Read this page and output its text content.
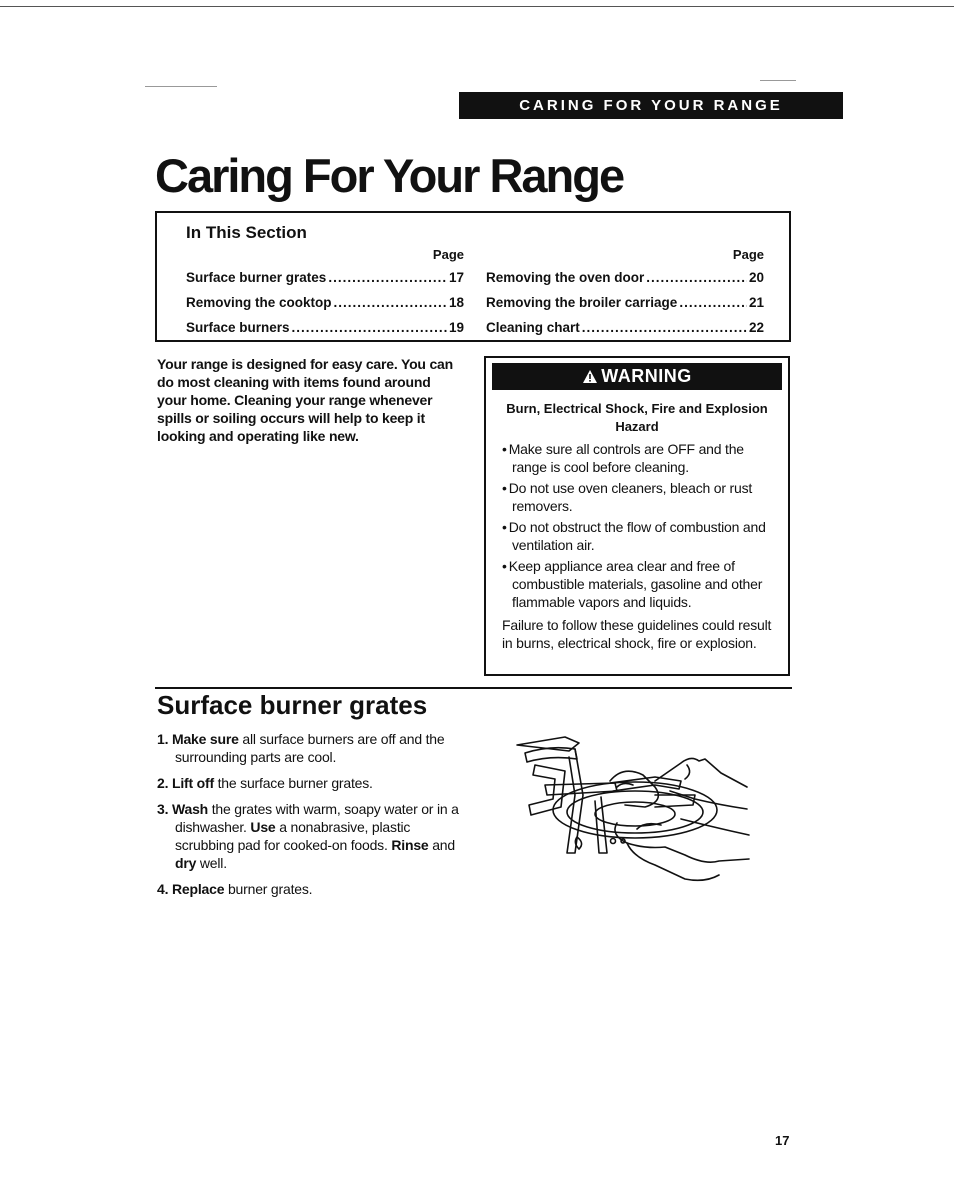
CARING FOR YOUR RANGE
Caring For Your Range
In This Section
Page
Surface burner grates .....	17
Removing the cooktop .....	18
Surface burners .....	19
Page
Removing the oven door .....	20
Removing the broiler carriage .....	21
Cleaning chart .....	22

Your range is designed for easy care. You can do most cleaning with items found around your home. Cleaning your range whenever spills or soiling occurs will help to keep it looking and operating like new.

WARNING
Burn, Electrical Shock, Fire and Explosion Hazard
• Make sure all controls are OFF and the range is cool before cleaning.
• Do not use oven cleaners, bleach or rust removers.
• Do not obstruct the flow of combustion and ventilation air.
• Keep appliance area clear and free of combustible materials, gasoline and other flammable vapors and liquids.

Failure to follow these guidelines could result in burns, electrical shock, fire or explosion.

Surface burner grates
1. Make sure all surface burners are off and the surrounding parts are cool.
2. Lift off the surface burner grates.
3. Wash the grates with warm, soapy water or in a dishwasher. Use a nonabrasive, plastic scrubbing pad for cooked-on foods. Rinse and dry well.
4. Replace burner grates.
17
